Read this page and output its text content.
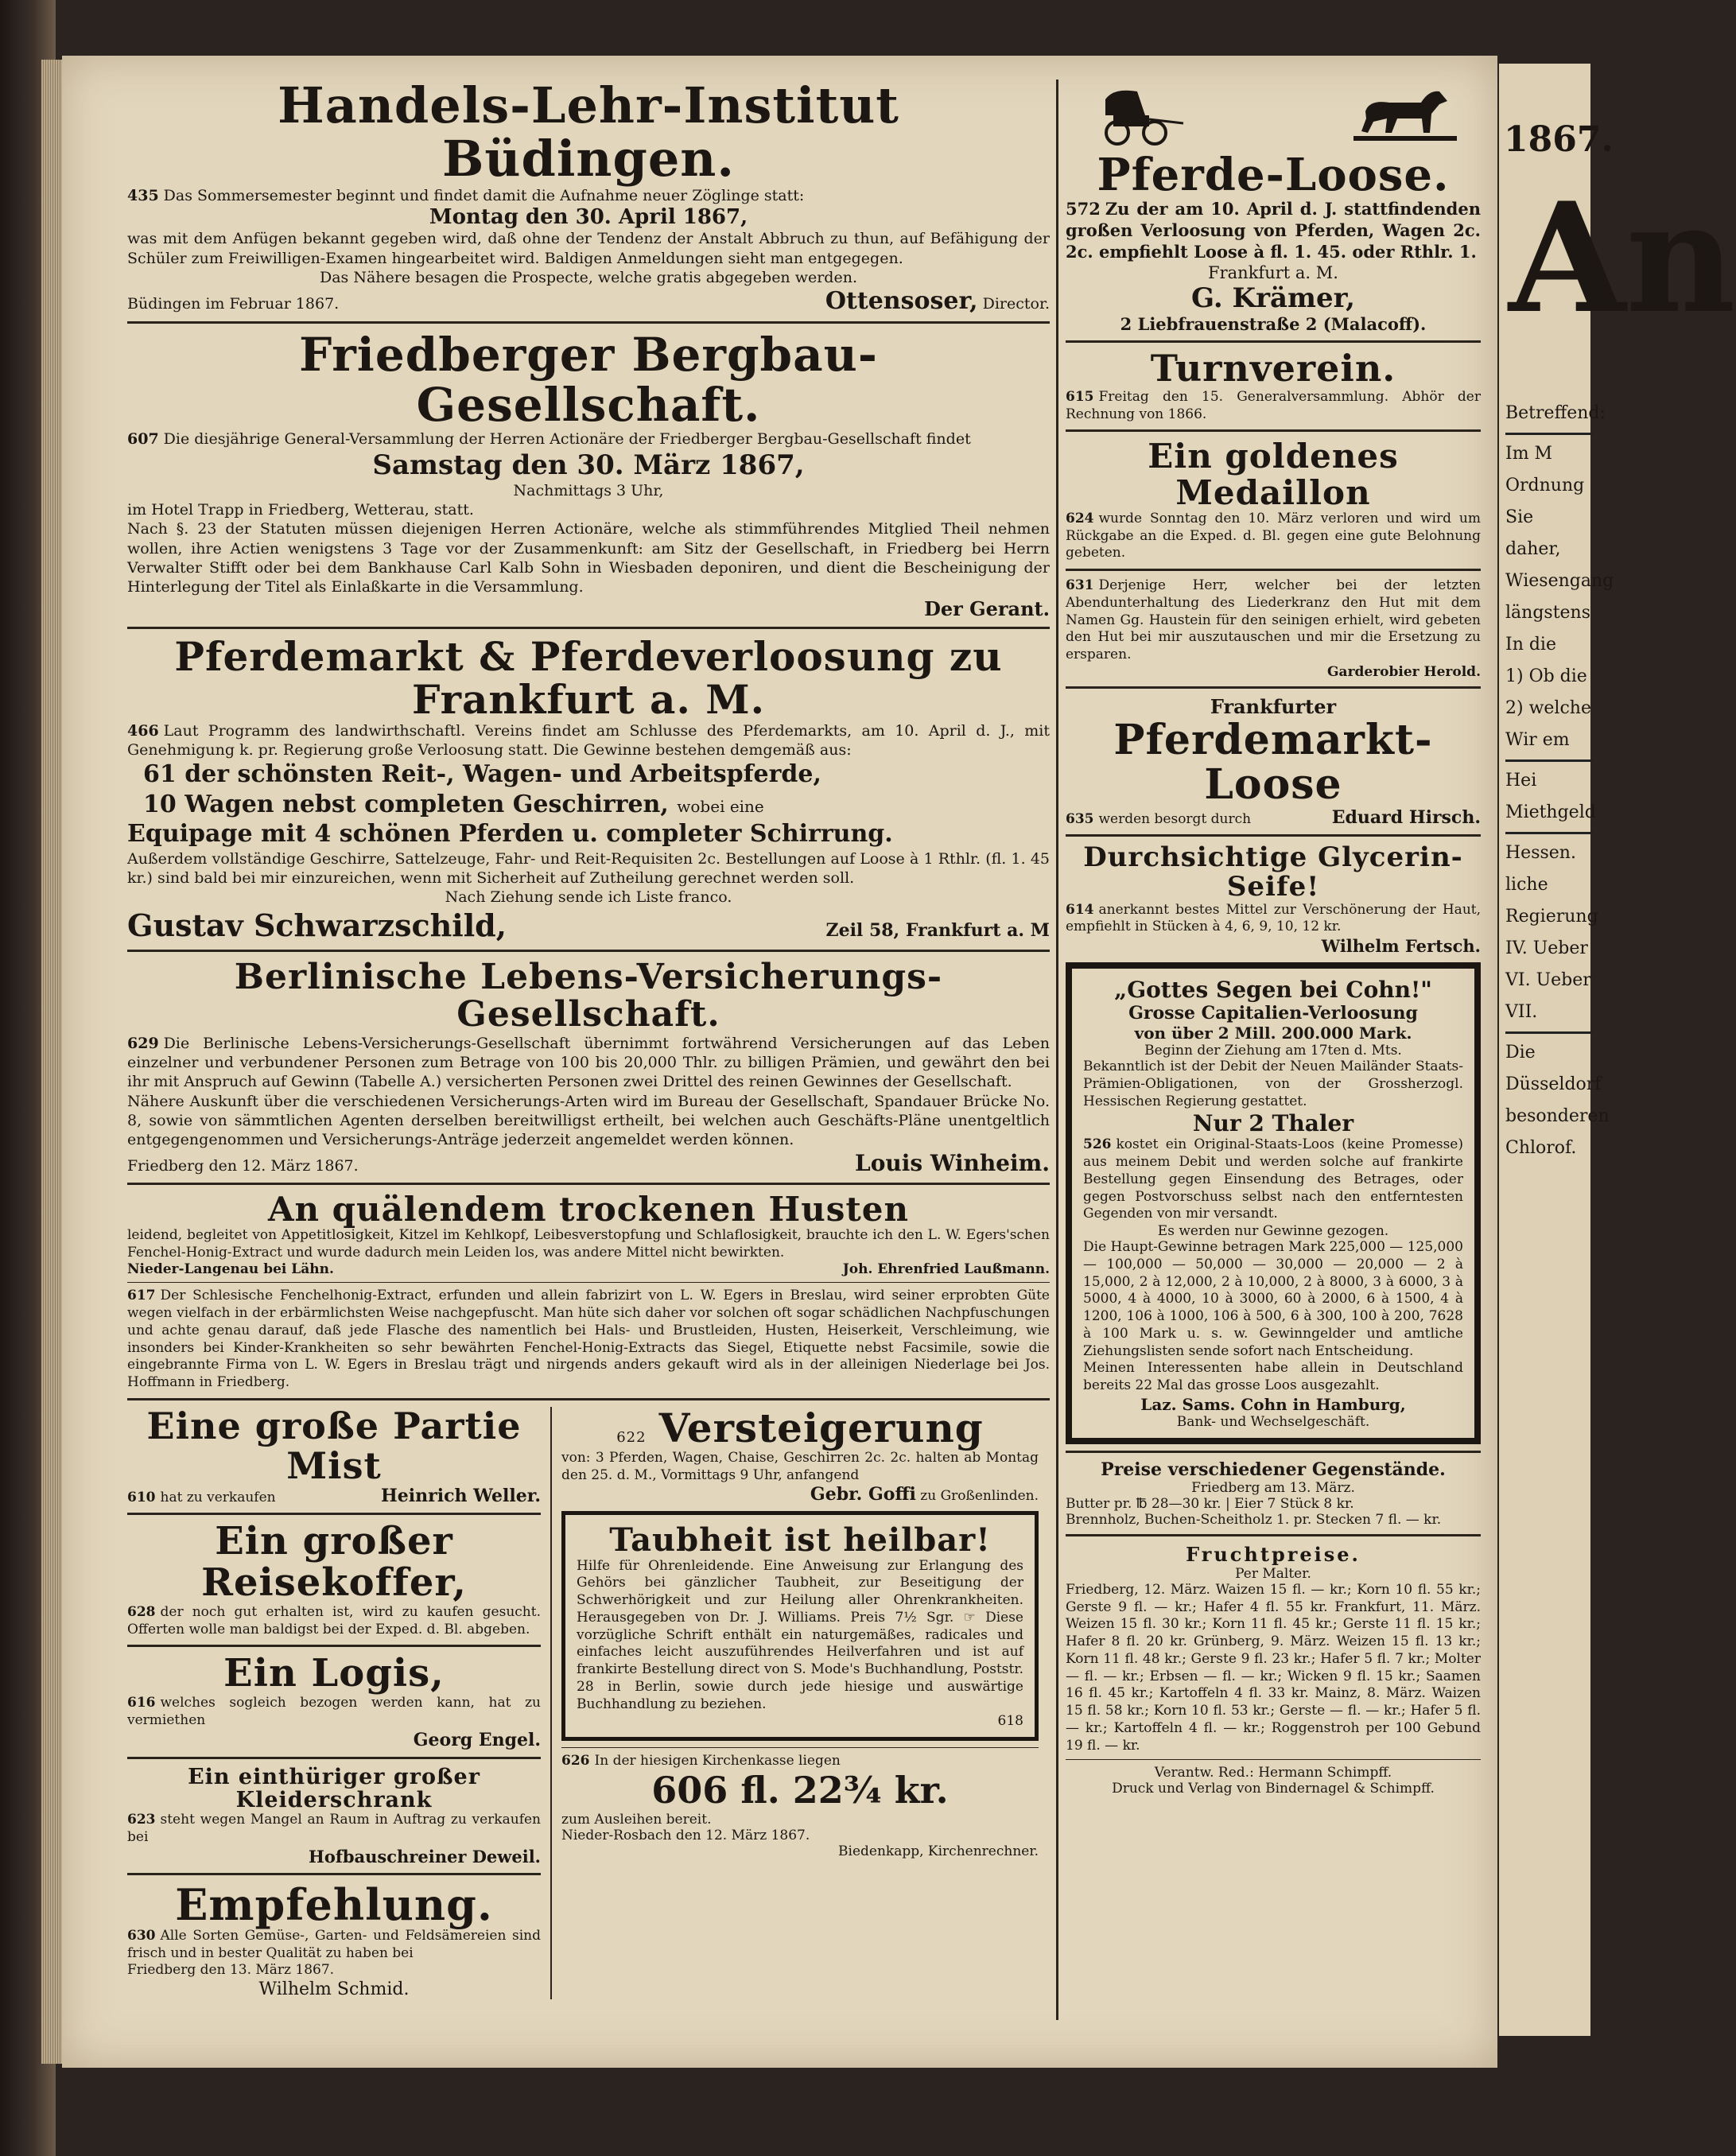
1867.
An
Betreffend:
Im M
Ordnung
Sie daher,
Wiesengang
längstens
In die
1) Ob die
2) welche
Wir em
Hei
Miethgeld
Hessen.
liche Regierung
IV. Ueber
VI. Ueber
VII.
Die
Düsseldorf
besonderen
Chlorof.
Handels-Lehr-Institut Büdingen.
435 Das Sommersemester beginnt und findet damit die Aufnahme neuer Zöglinge statt:
Montag den 30. April 1867,
was mit dem Anfügen bekannt gegeben wird, daß ohne der Tendenz der Anstalt Abbruch zu thun, auf Befähigung der Schüler zum Freiwilligen-Examen hingearbeitet wird. Baldigen Anmeldungen sieht man entgegegen.
Das Nähere besagen die Prospecte, welche gratis abgegeben werden.
Büdingen im Februar 1867.	Ottensoser, Director.
Friedberger Bergbau-Gesellschaft.
607 Die diesjährige General-Versammlung der Herren Actionäre der Friedberger Bergbau-Gesellschaft findet
Samstag den 30. März 1867,
Nachmittags 3 Uhr,
im Hotel Trapp in Friedberg, Wetterau, statt.
Nach §. 23 der Statuten müssen diejenigen Herren Actionäre, welche als stimmführendes Mitglied Theil nehmen wollen, ihre Actien wenigstens 3 Tage vor der Zusammenkunft: am Sitz der Gesellschaft, in Friedberg bei Herrn Verwalter Stifft oder bei dem Bankhause Carl Kalb Sohn in Wiesbaden deponiren, und dient die Bescheinigung der Hinterlegung der Titel als Einlaßkarte in die Versammlung.
Der Gerant.
Pferdemarkt & Pferdeverloosung zu Frankfurt a. M.
466 Laut Programm des landwirthschaftl. Vereins findet am Schlusse des Pferdemarkts, am 10. April d. J., mit Genehmigung k. pr. Regierung große Verloosung statt. Die Gewinne bestehen demgemäß aus:
61 der schönsten Reit-, Wagen- und Arbeitspferde,
10 Wagen nebst completen Geschirren, wobei eine
Equipage mit 4 schönen Pferden u. completer Schirrung.
Außerdem vollständige Geschirre, Sattelzeuge, Fahr- und Reit-Requisiten 2c. Bestellungen auf Loose à 1 Rthlr. (fl. 1. 45 kr.) sind bald bei mir einzureichen, wenn mit Sicherheit auf Zutheilung gerechnet werden soll.
Nach Ziehung sende ich Liste franco.
Gustav Schwarzschild,	Zeil 58, Frankfurt a. M
Berlinische Lebens-Versicherungs-Gesellschaft.
629 Die Berlinische Lebens-Versicherungs-Gesellschaft übernimmt fortwährend Versicherungen auf das Leben einzelner und verbundener Personen zum Betrage von 100 bis 20,000 Thlr. zu billigen Prämien, und gewährt den bei ihr mit Anspruch auf Gewinn (Tabelle A.) versicherten Personen zwei Drittel des reinen Gewinnes der Gesellschaft.
Nähere Auskunft über die verschiedenen Versicherungs-Arten wird im Bureau der Gesellschaft, Spandauer Brücke No. 8, sowie von sämmtlichen Agenten derselben bereitwilligst ertheilt, bei welchen auch Geschäfts-Pläne unentgeltlich entgegengenommen und Versicherungs-Anträge jederzeit angemeldet werden können.
Friedberg den 12. März 1867.	Louis Winheim.
An quälendem trockenen Husten
leidend, begleitet von Appetitlosigkeit, Kitzel im Kehlkopf, Leibesverstopfung und Schlaflosigkeit, brauchte ich den L. W. Egers'schen Fenchel-Honig-Extract und wurde dadurch mein Leiden los, was andere Mittel nicht bewirkten.
Nieder-Langenau bei Lähn.	Joh. Ehrenfried Laußmann.
617 Der Schlesische Fenchelhonig-Extract, erfunden und allein fabrizirt von L. W. Egers in Breslau, wird seiner erprobten Güte wegen vielfach in der erbärmlichsten Weise nachgepfuscht. Man hüte sich daher vor solchen oft sogar schädlichen Nachpfuschungen und achte genau darauf, daß jede Flasche des namentlich bei Hals- und Brustleiden, Husten, Heiserkeit, Verschleimung, wie insonders bei Kinder-Krankheiten so sehr bewährten Fenchel-Honig-Extracts das Siegel, Etiquette nebst Facsimile, sowie die eingebrannte Firma von L. W. Egers in Breslau trägt und nirgends anders gekauft wird als in der alleinigen Niederlage bei Jos. Hoffmann in Friedberg.
Eine große Partie Mist
610 hat zu verkaufen	Heinrich Weller.
Ein großer Reisekoffer,
628 der noch gut erhalten ist, wird zu kaufen gesucht. Offerten wolle man baldigst bei der Exped. d. Bl. abgeben.
Ein Logis,
616 welches sogleich bezogen werden kann, hat zu vermiethen
Georg Engel.
Ein einthüriger großer Kleiderschrank
623 steht wegen Mangel an Raum in Auftrag zu verkaufen bei
Hofbauschreiner Deweil.
Empfehlung.
630 Alle Sorten Gemüse-, Garten- und Feldsämereien sind frisch und in bester Qualität zu haben bei
Friedberg den 13. März 1867.
Wilhelm Schmid.
622 Versteigerung
von: 3 Pferden, Wagen, Chaise, Geschirren 2c. 2c. halten ab Montag den 25. d. M., Vormittags 9 Uhr, anfangend
Gebr. Goffi zu Großenlinden.
Taubheit ist heilbar!
Hilfe für Ohrenleidende. Eine Anweisung zur Erlangung des Gehörs bei gänzlicher Taubheit, zur Beseitigung der Schwerhörigkeit und zur Heilung aller Ohrenkrankheiten. Herausgegeben von Dr. J. Williams. Preis 7½ Sgr. ☞ Diese vorzügliche Schrift enthält ein naturgemäßes, radicales und einfaches leicht auszuführendes Heilverfahren und ist auf frankirte Bestellung direct von S. Mode's Buchhandlung, Poststr. 28 in Berlin, sowie durch jede hiesige und auswärtige Buchhandlung zu beziehen.
618
626 In der hiesigen Kirchenkasse liegen
606 fl. 22¾ kr.
zum Ausleihen bereit.
Nieder-Rosbach den 12. März 1867.
Biedenkapp, Kirchenrechner.
Pferde-Loose.
572 Zu der am 10. April d. J. stattfindenden großen Verloosung von Pferden, Wagen 2c. 2c. empfiehlt Loose à fl. 1. 45. oder Rthlr. 1.
Frankfurt a. M.
G. Krämer,
2 Liebfrauenstraße 2 (Malacoff).
Turnverein.
615 Freitag den 15. Generalversammlung. Abhör der Rechnung von 1866.
Ein goldenes Medaillon
624 wurde Sonntag den 10. März verloren und wird um Rückgabe an die Exped. d. Bl. gegen eine gute Belohnung gebeten.
631 Derjenige Herr, welcher bei der letzten Abendunterhaltung des Liederkranz den Hut mit dem Namen Gg. Haustein für den seinigen erhielt, wird gebeten den Hut bei mir auszutauschen und mir die Ersetzung zu ersparen.
Garderobier Herold.
Frankfurter
Pferdemarkt-Loose
635 werden besorgt durch	Eduard Hirsch.
Durchsichtige Glycerin-Seife!
614 anerkannt bestes Mittel zur Verschönerung der Haut, empfiehlt in Stücken à 4, 6, 9, 10, 12 kr.
Wilhelm Fertsch.
„Gottes Segen bei Cohn!"
Grosse Capitalien-Verloosung
von über 2 Mill. 200.000 Mark.
Beginn der Ziehung am 17ten d. Mts.
Bekanntlich ist der Debit der Neuen Mailänder Staats-Prämien-Obligationen, von der Grossherzogl. Hessischen Regierung gestattet.
Nur 2 Thaler
526 kostet ein Original-Staats-Loos (keine Promesse) aus meinem Debit und werden solche auf frankirte Bestellung gegen Einsendung des Betrages, oder gegen Postvorschuss selbst nach den entferntesten Gegenden von mir versandt.
Es werden nur Gewinne gezogen.
Die Haupt-Gewinne betragen Mark 225,000 — 125,000 — 100,000 — 50,000 — 30,000 — 20,000 — 2 à 15,000, 2 à 12,000, 2 à 10,000, 2 à 8000, 3 à 6000, 3 à 5000, 4 à 4000, 10 à 3000, 60 à 2000, 6 à 1500, 4 à 1200, 106 à 1000, 106 à 500, 6 à 300, 100 à 200, 7628 à 100 Mark u. s. w. Gewinngelder und amtliche Ziehungslisten sende sofort nach Entscheidung.
Meinen Interessenten habe allein in Deutschland bereits 22 Mal das grosse Loos ausgezahlt.
Laz. Sams. Cohn in Hamburg,
Bank- und Wechselgeschäft.
Preise verschiedener Gegenstände.
Friedberg am 13. März.
Butter pr. ℔ 28—30 kr. | Eier 7 Stück 8 kr.
Brennholz, Buchen-Scheitholz 1. pr. Stecken 7 fl. — kr.
Fruchtpreise.
Per Malter.
Friedberg, 12. März. Waizen 15 fl. — kr.; Korn 10 fl. 55 kr.; Gerste 9 fl. — kr.; Hafer 4 fl. 55 kr. Frankfurt, 11. März. Weizen 15 fl. 30 kr.; Korn 11 fl. 45 kr.; Gerste 11 fl. 15 kr.; Hafer 8 fl. 20 kr. Grünberg, 9. März. Weizen 15 fl. 13 kr.; Korn 11 fl. 48 kr.; Gerste 9 fl. 23 kr.; Hafer 5 fl. 7 kr.; Molter — fl. — kr.; Erbsen — fl. — kr.; Wicken 9 fl. 15 kr.; Saamen 16 fl. 45 kr.; Kartoffeln 4 fl. 33 kr. Mainz, 8. März. Waizen 15 fl. 58 kr.; Korn 10 fl. 53 kr.; Gerste — fl. — kr.; Hafer 5 fl. — kr.; Kartoffeln 4 fl. — kr.; Roggenstroh per 100 Gebund 19 fl. — kr.
Verantw. Red.: Hermann Schimpff.
Druck und Verlag von Bindernagel & Schimpff.
